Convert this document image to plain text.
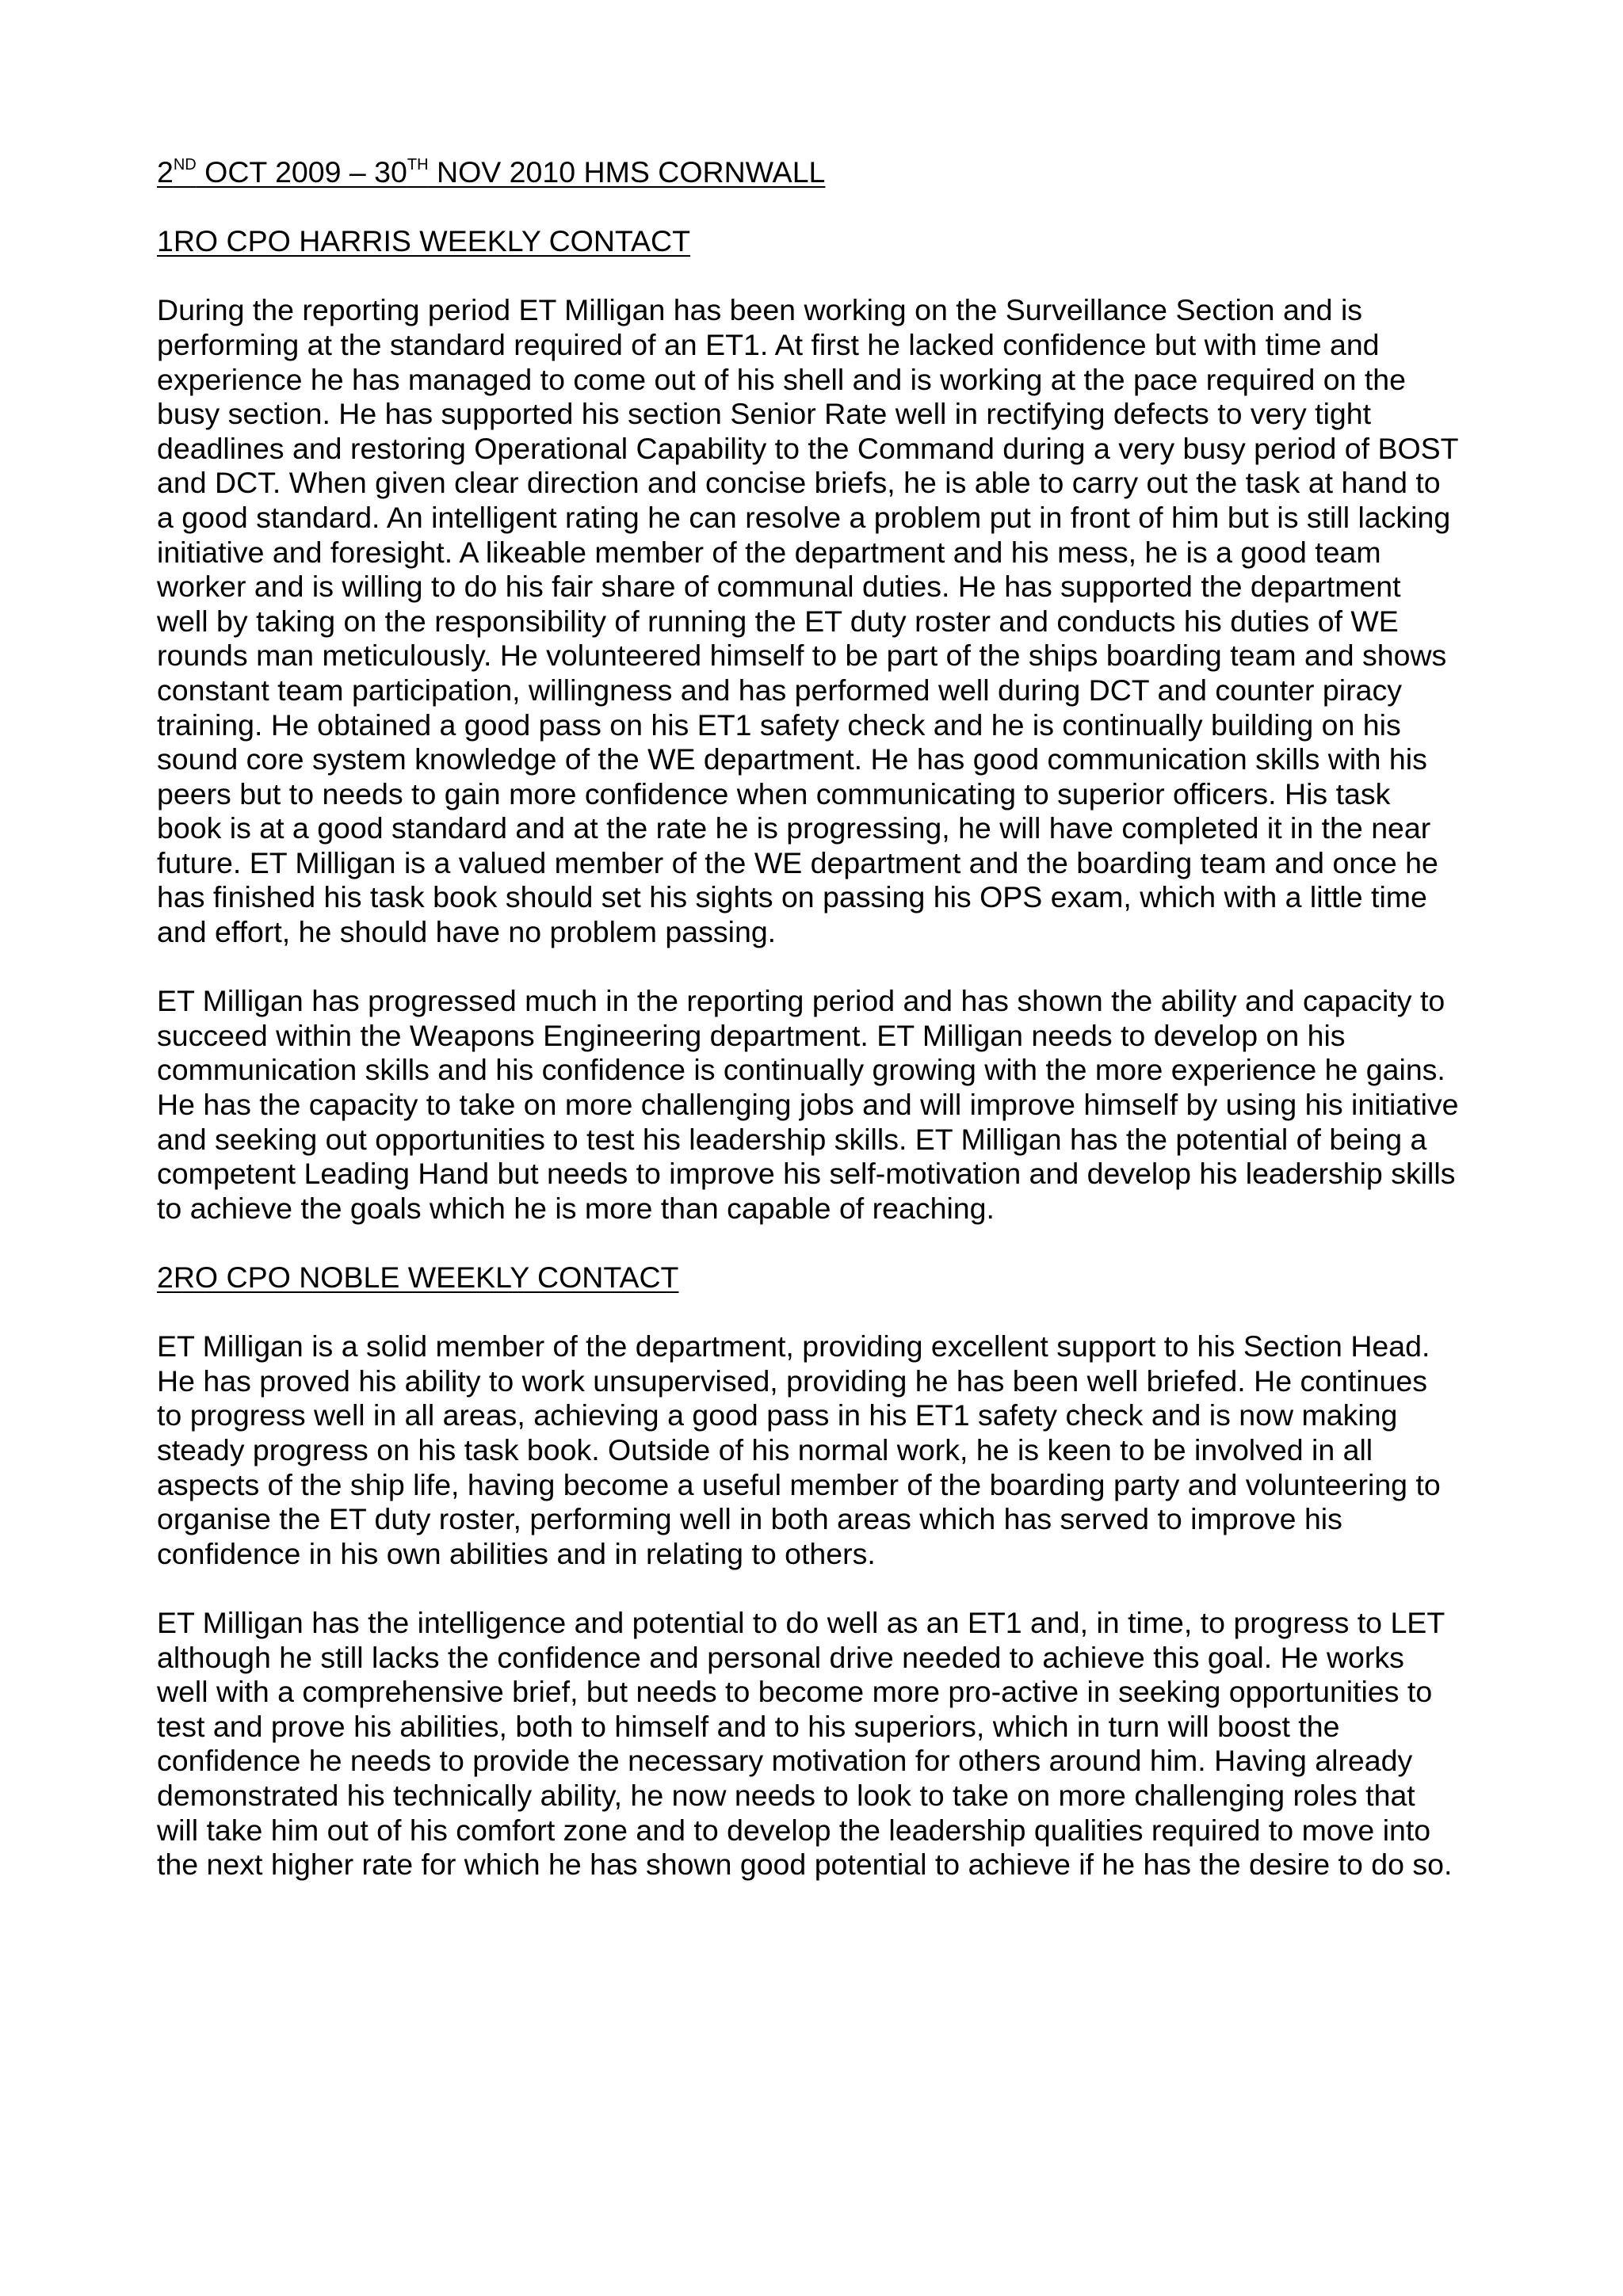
2ND OCT 2009 – 30TH NOV 2010 HMS CORNWALL

1RO CPO HARRIS WEEKLY CONTACT

During the reporting period ET Milligan has been working on the Surveillance Section and is
performing at the standard required of an ET1. At first he lacked confidence but with time and
experience he has managed to come out of his shell and is working at the pace required on the
busy section. He has supported his section Senior Rate well in rectifying defects to very tight
deadlines and restoring Operational Capability to the Command during a very busy period of BOST
and DCT. When given clear direction and concise briefs, he is able to carry out the task at hand to
a good standard. An intelligent rating he can resolve a problem put in front of him but is still lacking
initiative and foresight. A likeable member of the department and his mess, he is a good team
worker and is willing to do his fair share of communal duties. He has supported the department
well by taking on the responsibility of running the ET duty roster and conducts his duties of WE
rounds man meticulously. He volunteered himself to be part of the ships boarding team and shows
constant team participation, willingness and has performed well during DCT and counter piracy
training. He obtained a good pass on his ET1 safety check and he is continually building on his
sound core system knowledge of the WE department. He has good communication skills with his
peers but to needs to gain more confidence when communicating to superior officers. His task
book is at a good standard and at the rate he is progressing, he will have completed it in the near
future. ET Milligan is a valued member of the WE department and the boarding team and once he
has finished his task book should set his sights on passing his OPS exam, which with a little time
and effort, he should have no problem passing.

ET Milligan has progressed much in the reporting period and has shown the ability and capacity to
succeed within the Weapons Engineering department. ET Milligan needs to develop on his
communication skills and his confidence is continually growing with the more experience he gains.
He has the capacity to take on more challenging jobs and will improve himself by using his initiative
and seeking out opportunities to test his leadership skills. ET Milligan has the potential of being a
competent Leading Hand but needs to improve his self-motivation and develop his leadership skills
to achieve the goals which he is more than capable of reaching.

2RO CPO NOBLE WEEKLY CONTACT

ET Milligan is a solid member of the department, providing excellent support to his Section Head.
He has proved his ability to work unsupervised, providing he has been well briefed. He continues
to progress well in all areas, achieving a good pass in his ET1 safety check and is now making
steady progress on his task book. Outside of his normal work, he is keen to be involved in all
aspects of the ship life, having become a useful member of the boarding party and volunteering to
organise the ET duty roster, performing well in both areas which has served to improve his
confidence in his own abilities and in relating to others.

ET Milligan has the intelligence and potential to do well as an ET1 and, in time, to progress to LET
although he still lacks the confidence and personal drive needed to achieve this goal. He works
well with a comprehensive brief, but needs to become more pro-active in seeking opportunities to
test and prove his abilities, both to himself and to his superiors, which in turn will boost the
confidence he needs to provide the necessary motivation for others around him. Having already
demonstrated his technically ability, he now needs to look to take on more challenging roles that
will take him out of his comfort zone and to develop the leadership qualities required to move into
the next higher rate for which he has shown good potential to achieve if he has the desire to do so.
